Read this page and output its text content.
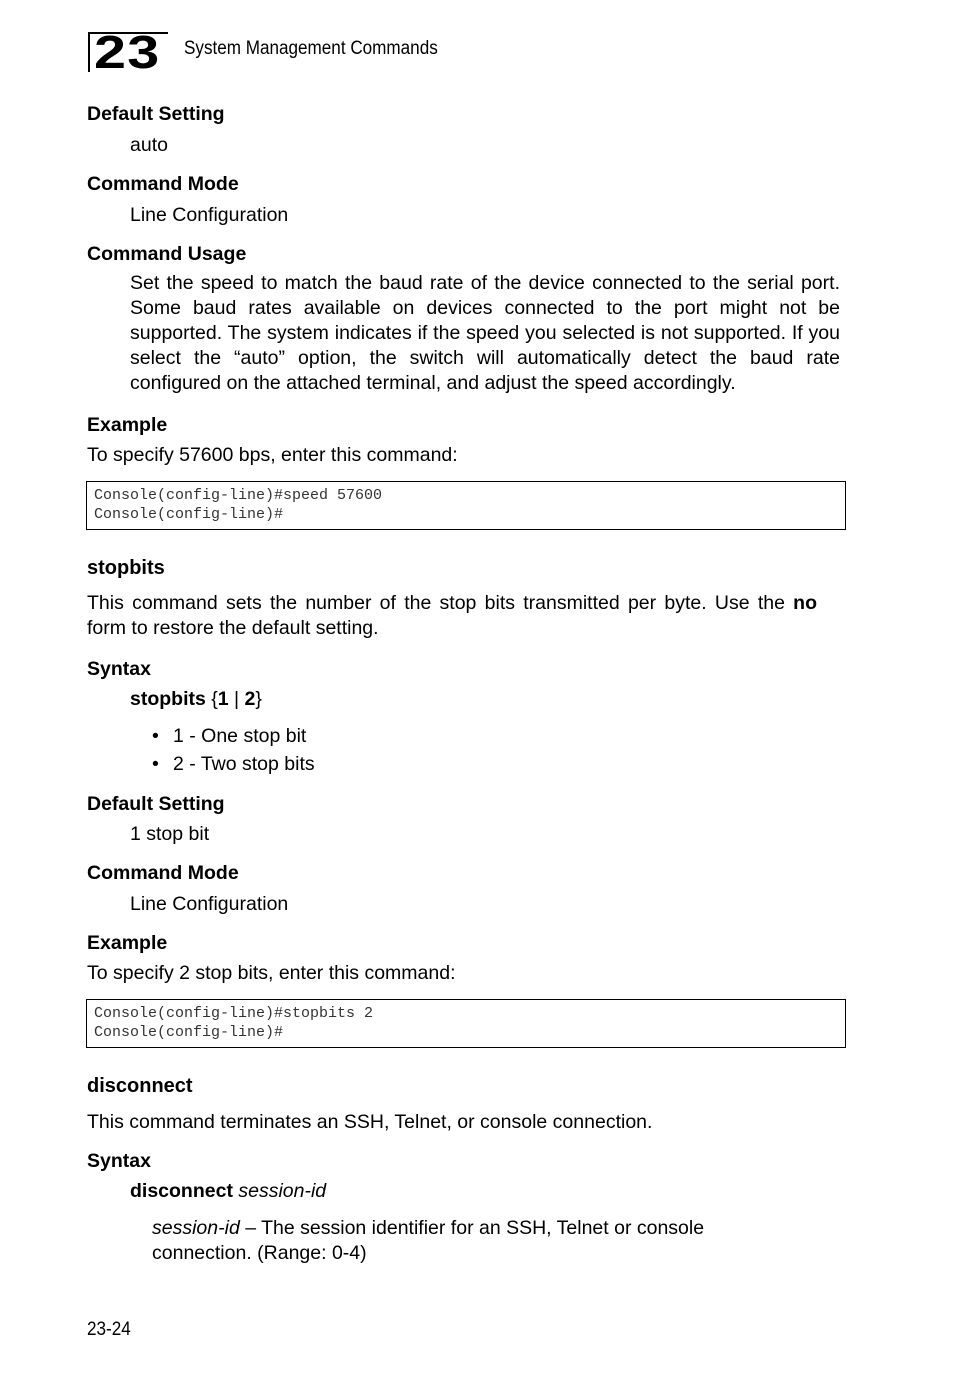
23 System Management Commands
Default Setting
auto
Command Mode
Line Configuration
Command Usage
Set the speed to match the baud rate of the device connected to the serial port. Some baud rates available on devices connected to the port might not be supported. The system indicates if the speed you selected is not supported. If you select the “auto” option, the switch will automatically detect the baud rate configured on the attached terminal, and adjust the speed accordingly.
Example
To specify 57600 bps, enter this command:
Console(config-line)#speed 57600
Console(config-line)#
stopbits
This command sets the number of the stop bits transmitted per byte. Use the no form to restore the default setting.
Syntax
stopbits {1 | 2}
• 1 - One stop bit
• 2 - Two stop bits
Default Setting
1 stop bit
Command Mode
Line Configuration
Example
To specify 2 stop bits, enter this command:
Console(config-line)#stopbits 2
Console(config-line)#
disconnect
This command terminates an SSH, Telnet, or console connection.
Syntax
disconnect session-id
session-id – The session identifier for an SSH, Telnet or console connection. (Range: 0-4)
23-24
